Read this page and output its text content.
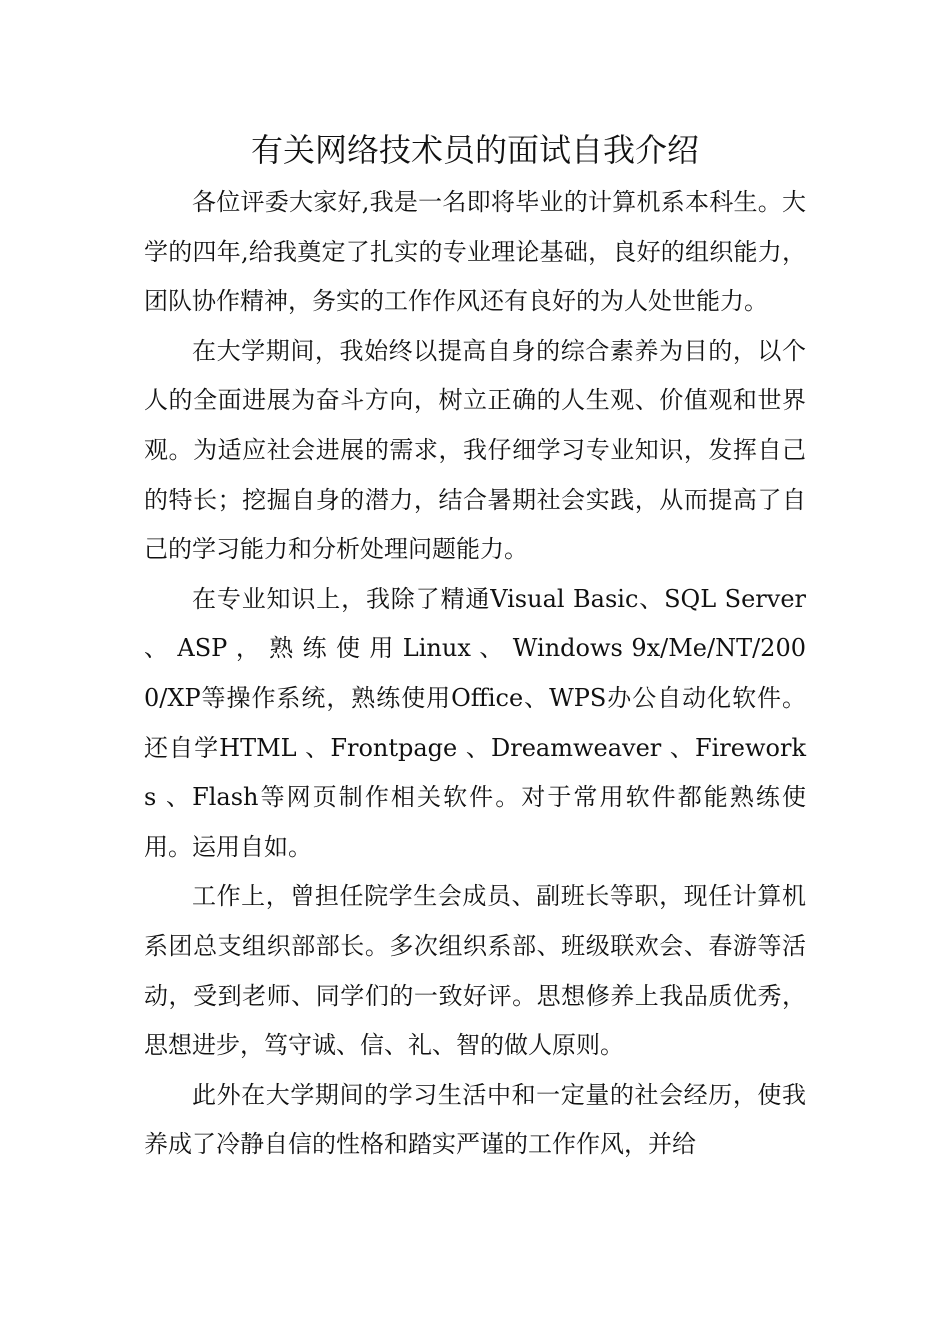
有关网络技术员的面试自我介绍

各位评委大家好,我是一名即将毕业的计算机系本科生。大学的四年,给我奠定了扎实的专业理论基础，良好的组织能力，团队协作精神，务实的工作作风还有良好的为人处世能力。

在大学期间，我始终以提高自身的综合素养为目的，以个人的全面进展为奋斗方向，树立正确的人生观、价值观和世界观。为适应社会进展的需求，我仔细学习专业知识，发挥自己的特长；挖掘自身的潜力，结合暑期社会实践，从而提高了自己的学习能力和分析处理问题能力。

在专业知识上，我除了精通Visual Basic、SQL Server 、 ASP ， 熟 练 使 用 Linux 、 Windows 9x/Me/NT/2000/XP等操作系统，熟练使用Office、WPS办公自动化软件。还自学HTML 、Frontpage 、Dreamweaver 、Fireworks 、Flash等网页制作相关软件。对于常用软件都能熟练使用。运用自如。

工作上，曾担任院学生会成员、副班长等职，现任计算机系团总支组织部部长。多次组织系部、班级联欢会、春游等活动，受到老师、同学们的一致好评。思想修养上我品质优秀，思想进步，笃守诚、信、礼、智的做人原则。

此外在大学期间的学习生活中和一定量的社会经历，使我养成了冷静自信的性格和踏实严谨的工作作风，并给
